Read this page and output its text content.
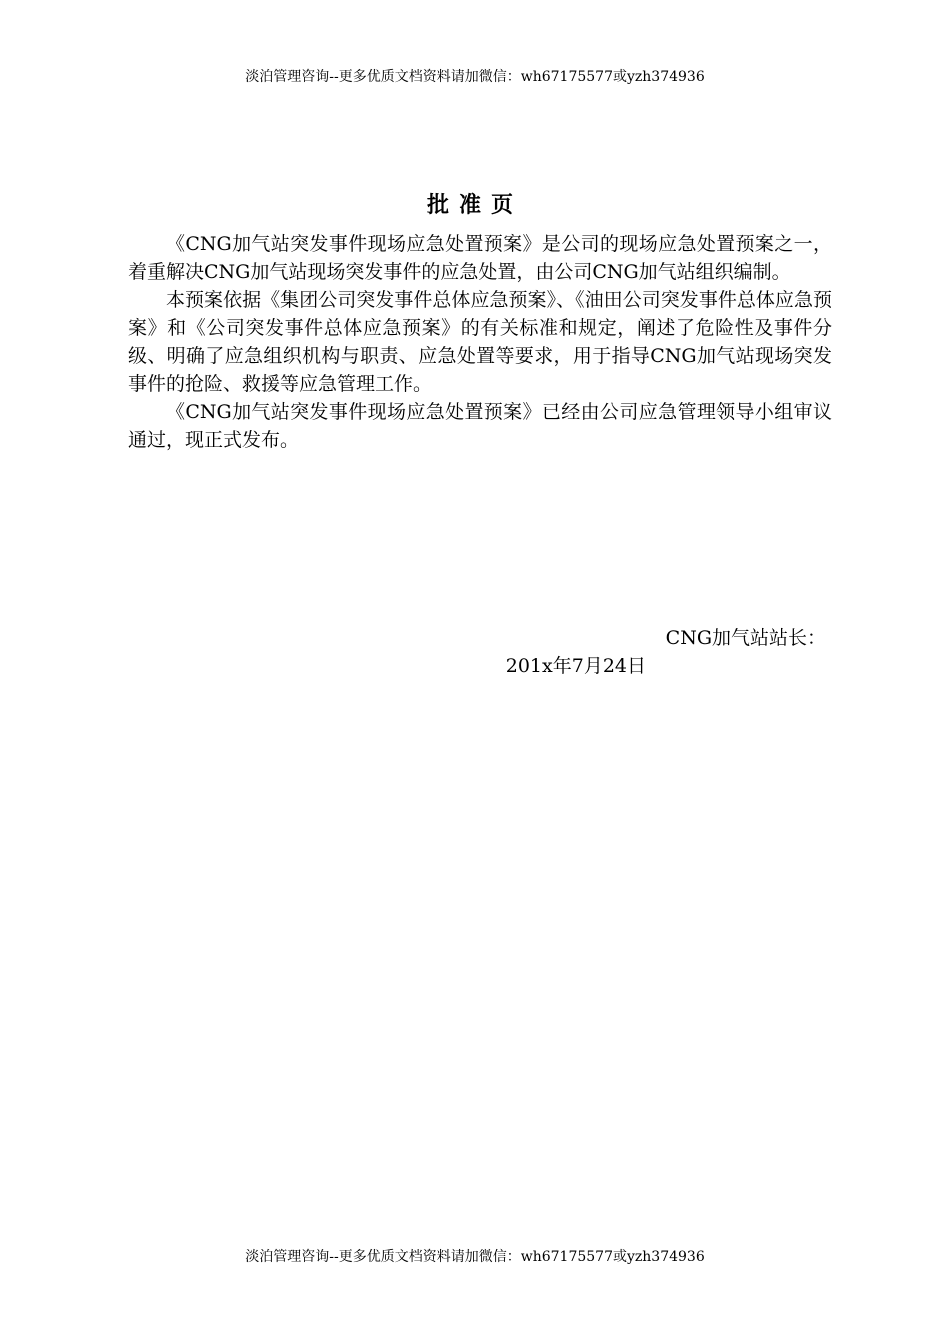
淡泊管理咨询--更多优质文档资料请加微信：wh67175577或yzh374936
批准页

《CNG加气站突发事件现场应急处置预案》是公司的现场应急处置预案之一，着重解决CNG加气站现场突发事件的应急处置，由公司CNG加气站组织编制。

本预案依据《集团公司突发事件总体应急预案》、《油田公司突发事件总体应急预案》和《公司突发事件总体应急预案》的有关标准和规定，阐述了危险性及事件分级、明确了应急组织机构与职责、应急处置等要求，用于指导CNG加气站现场突发事件的抢险、救援等应急管理工作。

《CNG加气站突发事件现场应急处置预案》已经由公司应急管理领导小组审议通过，现正式发布。

CNG加气站站长：
201x年7月24日
淡泊管理咨询--更多优质文档资料请加微信：wh67175577或yzh374936
